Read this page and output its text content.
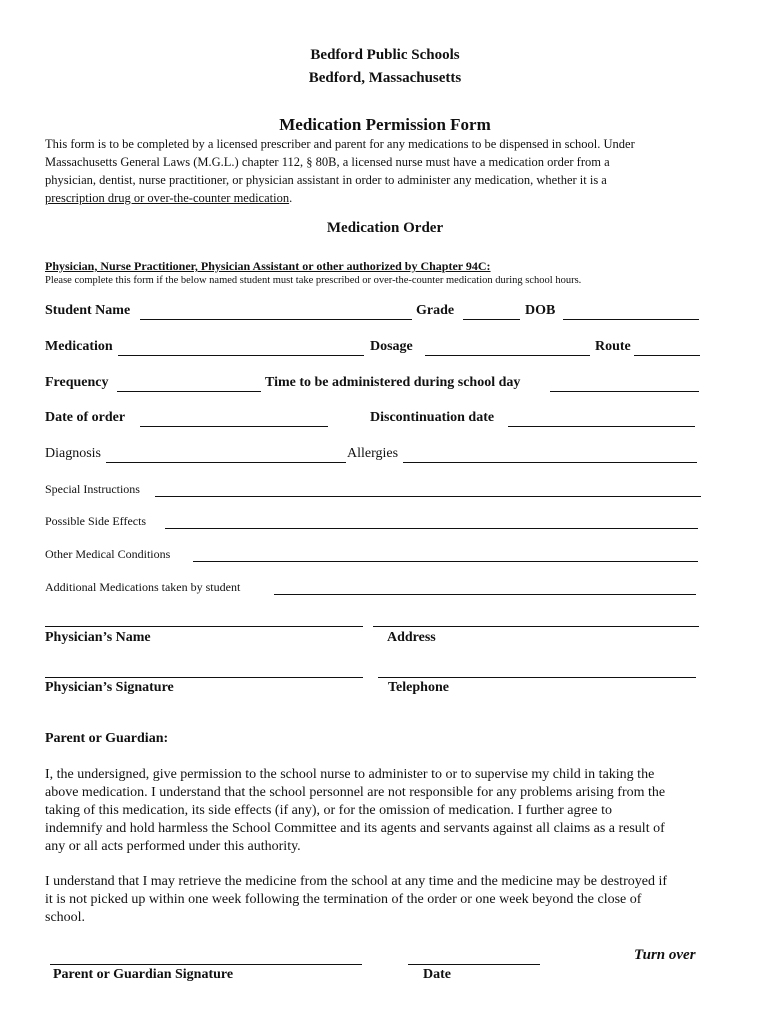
Bedford Public Schools
Bedford, Massachusetts
Medication Permission Form
This form is to be completed by a licensed prescriber and parent for any medications to be dispensed in school. Under
Massachusetts General Laws (M.G.L.) chapter 112, § 80B, a licensed nurse must have a medication order from a
physician, dentist, nurse practitioner, or physician assistant in order to administer any medication, whether it is a
prescription drug or over-the-counter medication.
Medication Order
Physician, Nurse Practitioner, Physician Assistant or other authorized by Chapter 94C:
Please complete this form if the below named student must take prescribed or over-the-counter medication during school hours.
Student Name	Grade	DOB
Medication	Dosage	Route
Frequency	Time to be administered during school day
Date of order	Discontinuation date
Diagnosis	Allergies
Special Instructions
Possible Side Effects
Other Medical Conditions
Additional Medications taken by student
Physician’s Name	Address
Physician’s Signature	Telephone
Parent or Guardian:
I, the undersigned, give permission to the school nurse to administer to or to supervise my child in taking the
above medication. I understand that the school personnel are not responsible for any problems arising from the
taking of this medication, its side effects (if any), or for the omission of medication. I further agree to
indemnify and hold harmless the School Committee and its agents and servants against all claims as a result of
any or all acts performed under this authority.
I understand that I may retrieve the medicine from the school at any time and the medicine may be destroyed if
it is not picked up within one week following the termination of the order or one week beyond the close of
school.
Turn over
Parent or Guardian Signature	Date
